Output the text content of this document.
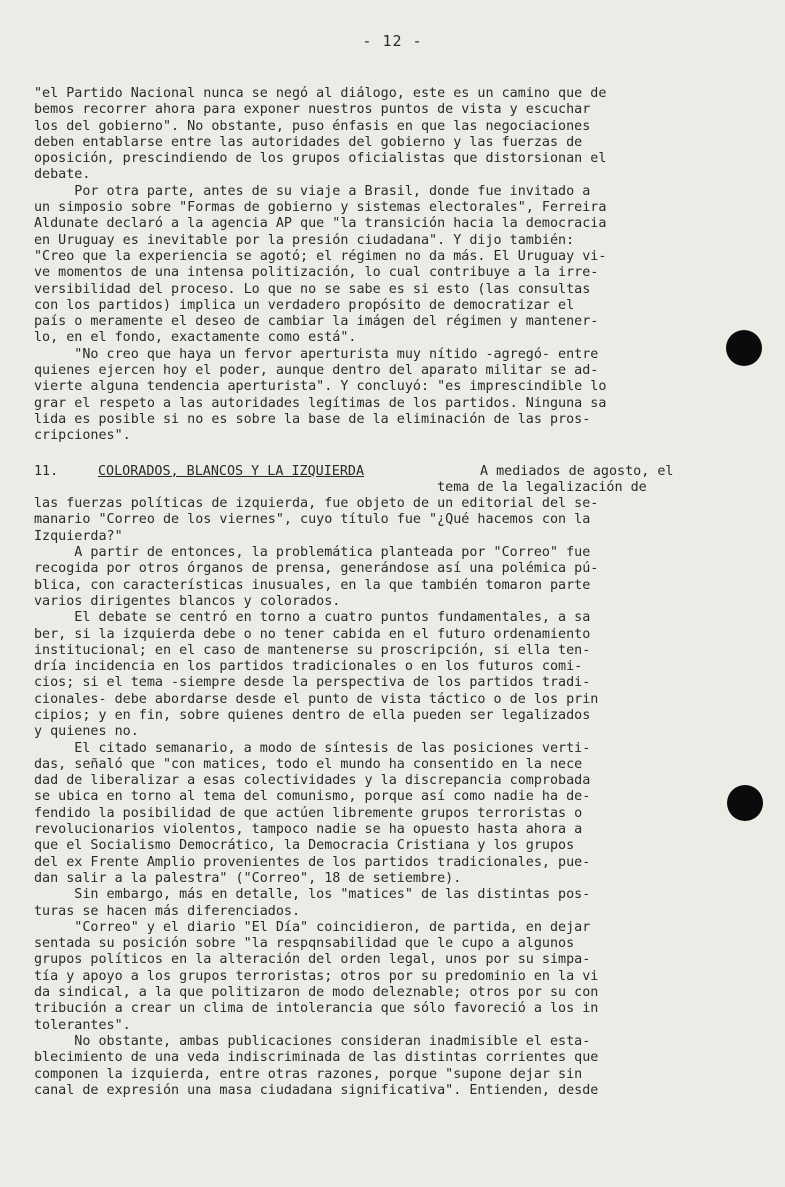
- 12 -
"el Partido Nacional nunca se negó al diálogo, este es un camino que de
bemos recorrer ahora para exponer nuestros puntos de vista y escuchar
los del gobierno". No obstante, puso énfasis en que las negociaciones
deben entablarse entre las autoridades del gobierno y las fuerzas de
oposición, prescindiendo de los grupos oficialistas que distorsionan el
debate.
Por otra parte, antes de su viaje a Brasil, donde fue invitado a
un simposio sobre "Formas de gobierno y sistemas electorales", Ferreira
Aldunate declaró a la agencia AP que "la transición hacia la democracia
en Uruguay es inevitable por la presión ciudadana". Y dijo también:
"Creo que la experiencia se agotó; el régimen no da más. El Uruguay vi-
ve momentos de una intensa politización, lo cual contribuye a la irre-
versibilidad del proceso. Lo que no se sabe es si esto (las consultas
con los partidos) implica un verdadero propósito de democratizar el
país o meramente el deseo de cambiar la imágen del régimen y mantener-
lo, en el fondo, exactamente como está".
"No creo que haya un fervor aperturista muy nítido -agregó- entre
quienes ejercen hoy el poder, aunque dentro del aparato militar se ad-
vierte alguna tendencia aperturista". Y concluyó: "es imprescindible lo
grar el respeto a las autoridades legítimas de los partidos. Ninguna sa
lida es posible si no es sobre la base de la eliminación de las pros-
cripciones".

11.

	COLORADOS, BLANCOS Y LA IZQUIERDA

	A mediados de agosto, el

tema de la legalización de
las fuerzas políticas de izquierda, fue objeto de un editorial del se-
manario "Correo de los viernes", cuyo título fue "¿Qué hacemos con la
Izquierda?"
A partir de entonces, la problemática planteada por "Correo" fue
recogida por otros órganos de prensa, generándose así una polémica pú-
blica, con características inusuales, en la que también tomaron parte
varios dirigentes blancos y colorados.
El debate se centró en torno a cuatro puntos fundamentales, a sa
ber, si la izquierda debe o no tener cabida en el futuro ordenamiento
institucional; en el caso de mantenerse su proscripción, si ella ten-
dría incidencia en los partidos tradicionales o en los futuros comi-
cios; si el tema -siempre desde la perspectiva de los partidos tradi-
cionales- debe abordarse desde el punto de vista táctico o de los prin
cipios; y en fin, sobre quienes dentro de ella pueden ser legalizados
y quienes no.
El citado semanario, a modo de síntesis de las posiciones verti-
das, señaló que "con matices, todo el mundo ha consentido en la nece
dad de liberalizar a esas colectividades y la discrepancia comprobada
se ubica en torno al tema del comunismo, porque así como nadie ha de-
fendido la posibilidad de que actúen libremente grupos terroristas o
revolucionarios violentos, tampoco nadie se ha opuesto hasta ahora a
que el Socialismo Democrático, la Democracia Cristiana y los grupos
del ex Frente Amplio provenientes de los partidos tradicionales, pue-
dan salir a la palestra" ("Correo", 18 de setiembre).
Sin embargo, más en detalle, los "matices" de las distintas pos-
turas se hacen más diferenciados.
"Correo" y el diario "El Día" coincidieron, de partida, en dejar
sentada su posición sobre "la respqnsabilidad que le cupo a algunos
grupos políticos en la alteración del orden legal, unos por su simpa-
tía y apoyo a los grupos terroristas; otros por su predominio en la vi
da sindical, a la que politizaron de modo deleznable; otros por su con
tribución a crear un clima de intolerancia que sólo favoreció a los in
tolerantes".
No obstante, ambas publicaciones consideran inadmisible el esta-
blecimiento de una veda indiscriminada de las distintas corrientes que
componen la izquierda, entre otras razones, porque "supone dejar sin
canal de expresión una masa ciudadana significativa". Entienden, desde
